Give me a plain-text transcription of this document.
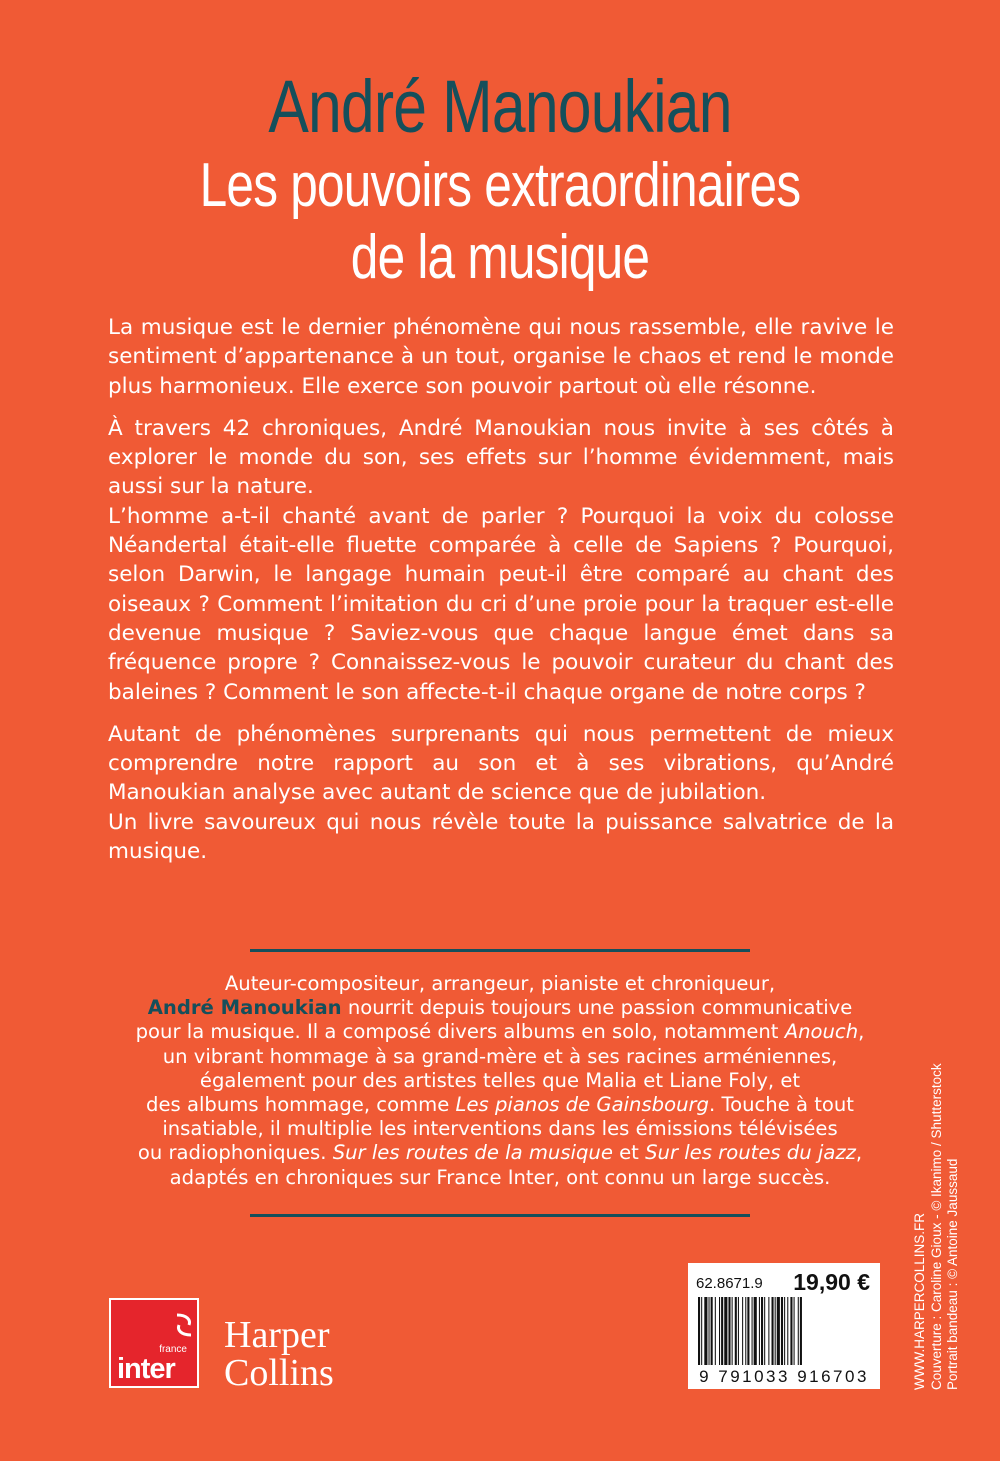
André Manoukian
Les pouvoirs extraordinaires
de la musique

La musique est le dernier phénomène qui nous rassemble, elle ravive le sentiment d’appartenance à un tout, organise le chaos et rend le monde plus harmonieux. Elle exerce son pouvoir partout où elle résonne.

À travers 42 chroniques, André Manoukian nous invite à ses côtés à explorer le monde du son, ses effets sur l’homme évidemment, mais aussi sur la nature.

L’homme a-t-il chanté avant de parler ? Pourquoi la voix du colosse Néandertal était-elle fluette comparée à celle de Sapiens ? Pourquoi, selon Darwin, le langage humain peut-il être comparé au chant des oiseaux ? Comment l’imitation du cri d’une proie pour la traquer est-elle devenue musique ? Saviez-vous que chaque langue émet dans sa fréquence propre ? Connaissez-vous le pouvoir curateur du chant des baleines ? Comment le son affecte-t-il chaque organe de notre corps ?

Autant de phénomènes surprenants qui nous permettent de mieux comprendre notre rapport au son et à ses vibrations, qu’André Manoukian analyse avec autant de science que de jubilation.

Un livre savoureux qui nous révèle toute la puissance salvatrice de la musique.

Auteur-compositeur, arrangeur, pianiste et chroniqueur,

André Manoukian nourrit depuis toujours une passion communicative

pour la musique. Il a composé divers albums en solo, notamment Anouch,

un vibrant hommage à sa grand-mère et à ses racines arméniennes,

également pour des artistes telles que Malia et Liane Foly, et

des albums hommage, comme Les pianos de Gainsbourg. Touche à tout

insatiable, il multiplie les interventions dans les émissions télévisées

ou radiophoniques. Sur les routes de la musique et Sur les routes du jazz,

adaptés en chroniques sur France Inter, ont connu un large succès.

WWW.HARPERCOLLINS.FR Couverture : Caroline Gioux - © Ikanimo / Shutterstock Portrait bandeau : © Antoine Jaussaud
france
inter
Harper
Collins
62.8671.9 19,90 €
9 791033 916703
